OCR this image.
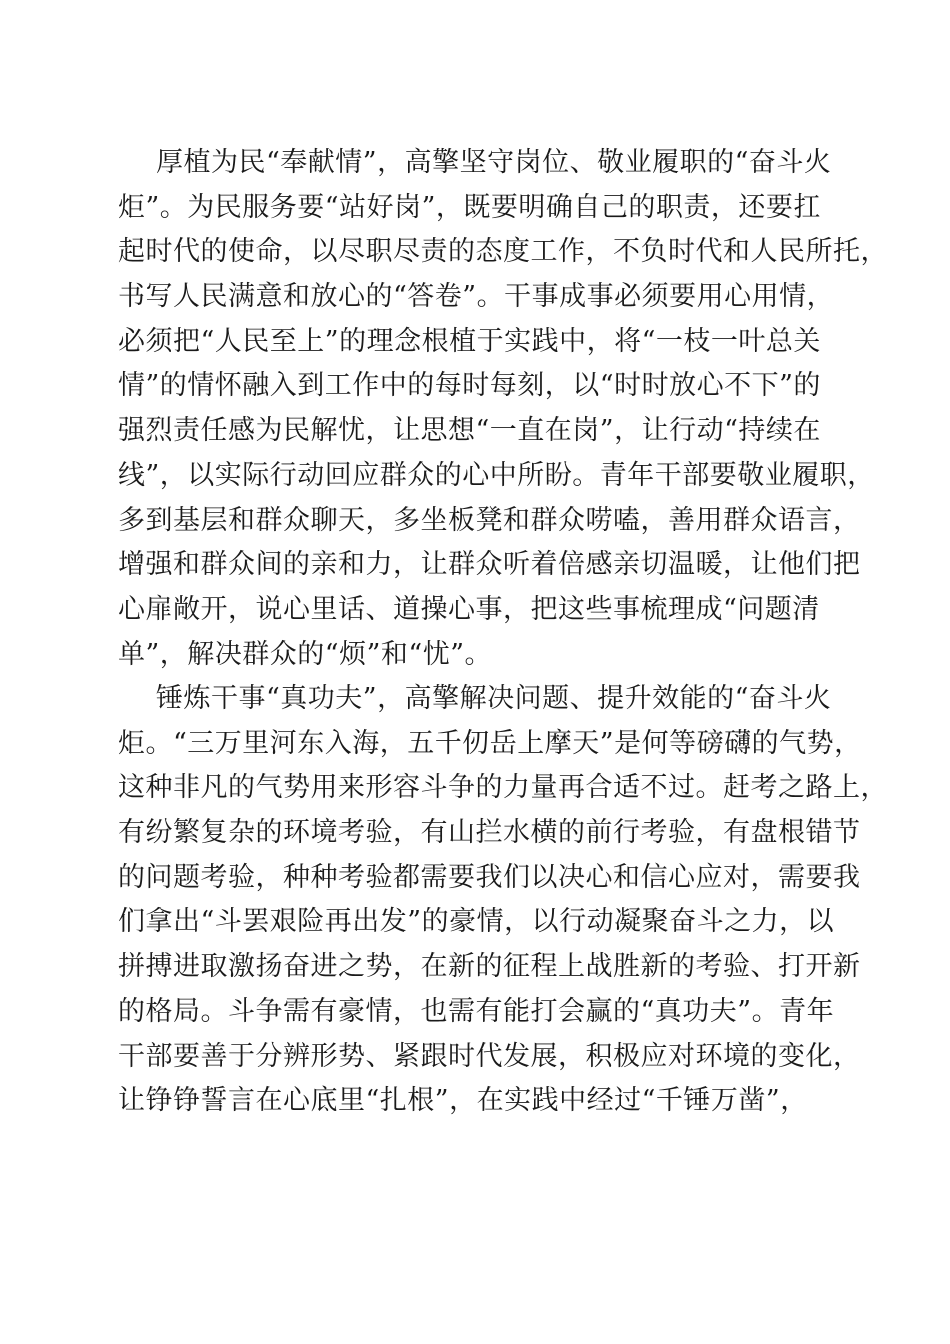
厚植为民“奉献情”，高擎坚守岗位、敬业履职的“奋斗火
炬”。为民服务要“站好岗”，既要明确自己的职责，还要扛
起时代的使命，以尽职尽责的态度工作，不负时代和人民所托，
书写人民满意和放心的“答卷”。干事成事必须要用心用情，
必须把“人民至上”的理念根植于实践中，将“一枝一叶总关
情”的情怀融入到工作中的每时每刻，以“时时放心不下”的
强烈责任感为民解忧，让思想“一直在岗”，让行动“持续在
线”，以实际行动回应群众的心中所盼。青年干部要敬业履职，
多到基层和群众聊天，多坐板凳和群众唠嗑，善用群众语言，
增强和群众间的亲和力，让群众听着倍感亲切温暖，让他们把
心扉敞开，说心里话、道操心事，把这些事梳理成“问题清
单”，解决群众的“烦”和“忧”。
锤炼干事“真功夫”，高擎解决问题、提升效能的“奋斗火
炬。“三万里河东入海，五千仞岳上摩天”是何等磅礴的气势，
这种非凡的气势用来形容斗争的力量再合适不过。赶考之路上，
有纷繁复杂的环境考验，有山拦水横的前行考验，有盘根错节
的问题考验，种种考验都需要我们以决心和信心应对，需要我
们拿出“斗罢艰险再出发”的豪情，以行动凝聚奋斗之力，以
拼搏进取激扬奋进之势，在新的征程上战胜新的考验、打开新
的格局。斗争需有豪情，也需有能打会赢的“真功夫”。青年
干部要善于分辨形势、紧跟时代发展，积极应对环境的变化，
让铮铮誓言在心底里“扎根”，在实践中经过“千锤万凿”，
